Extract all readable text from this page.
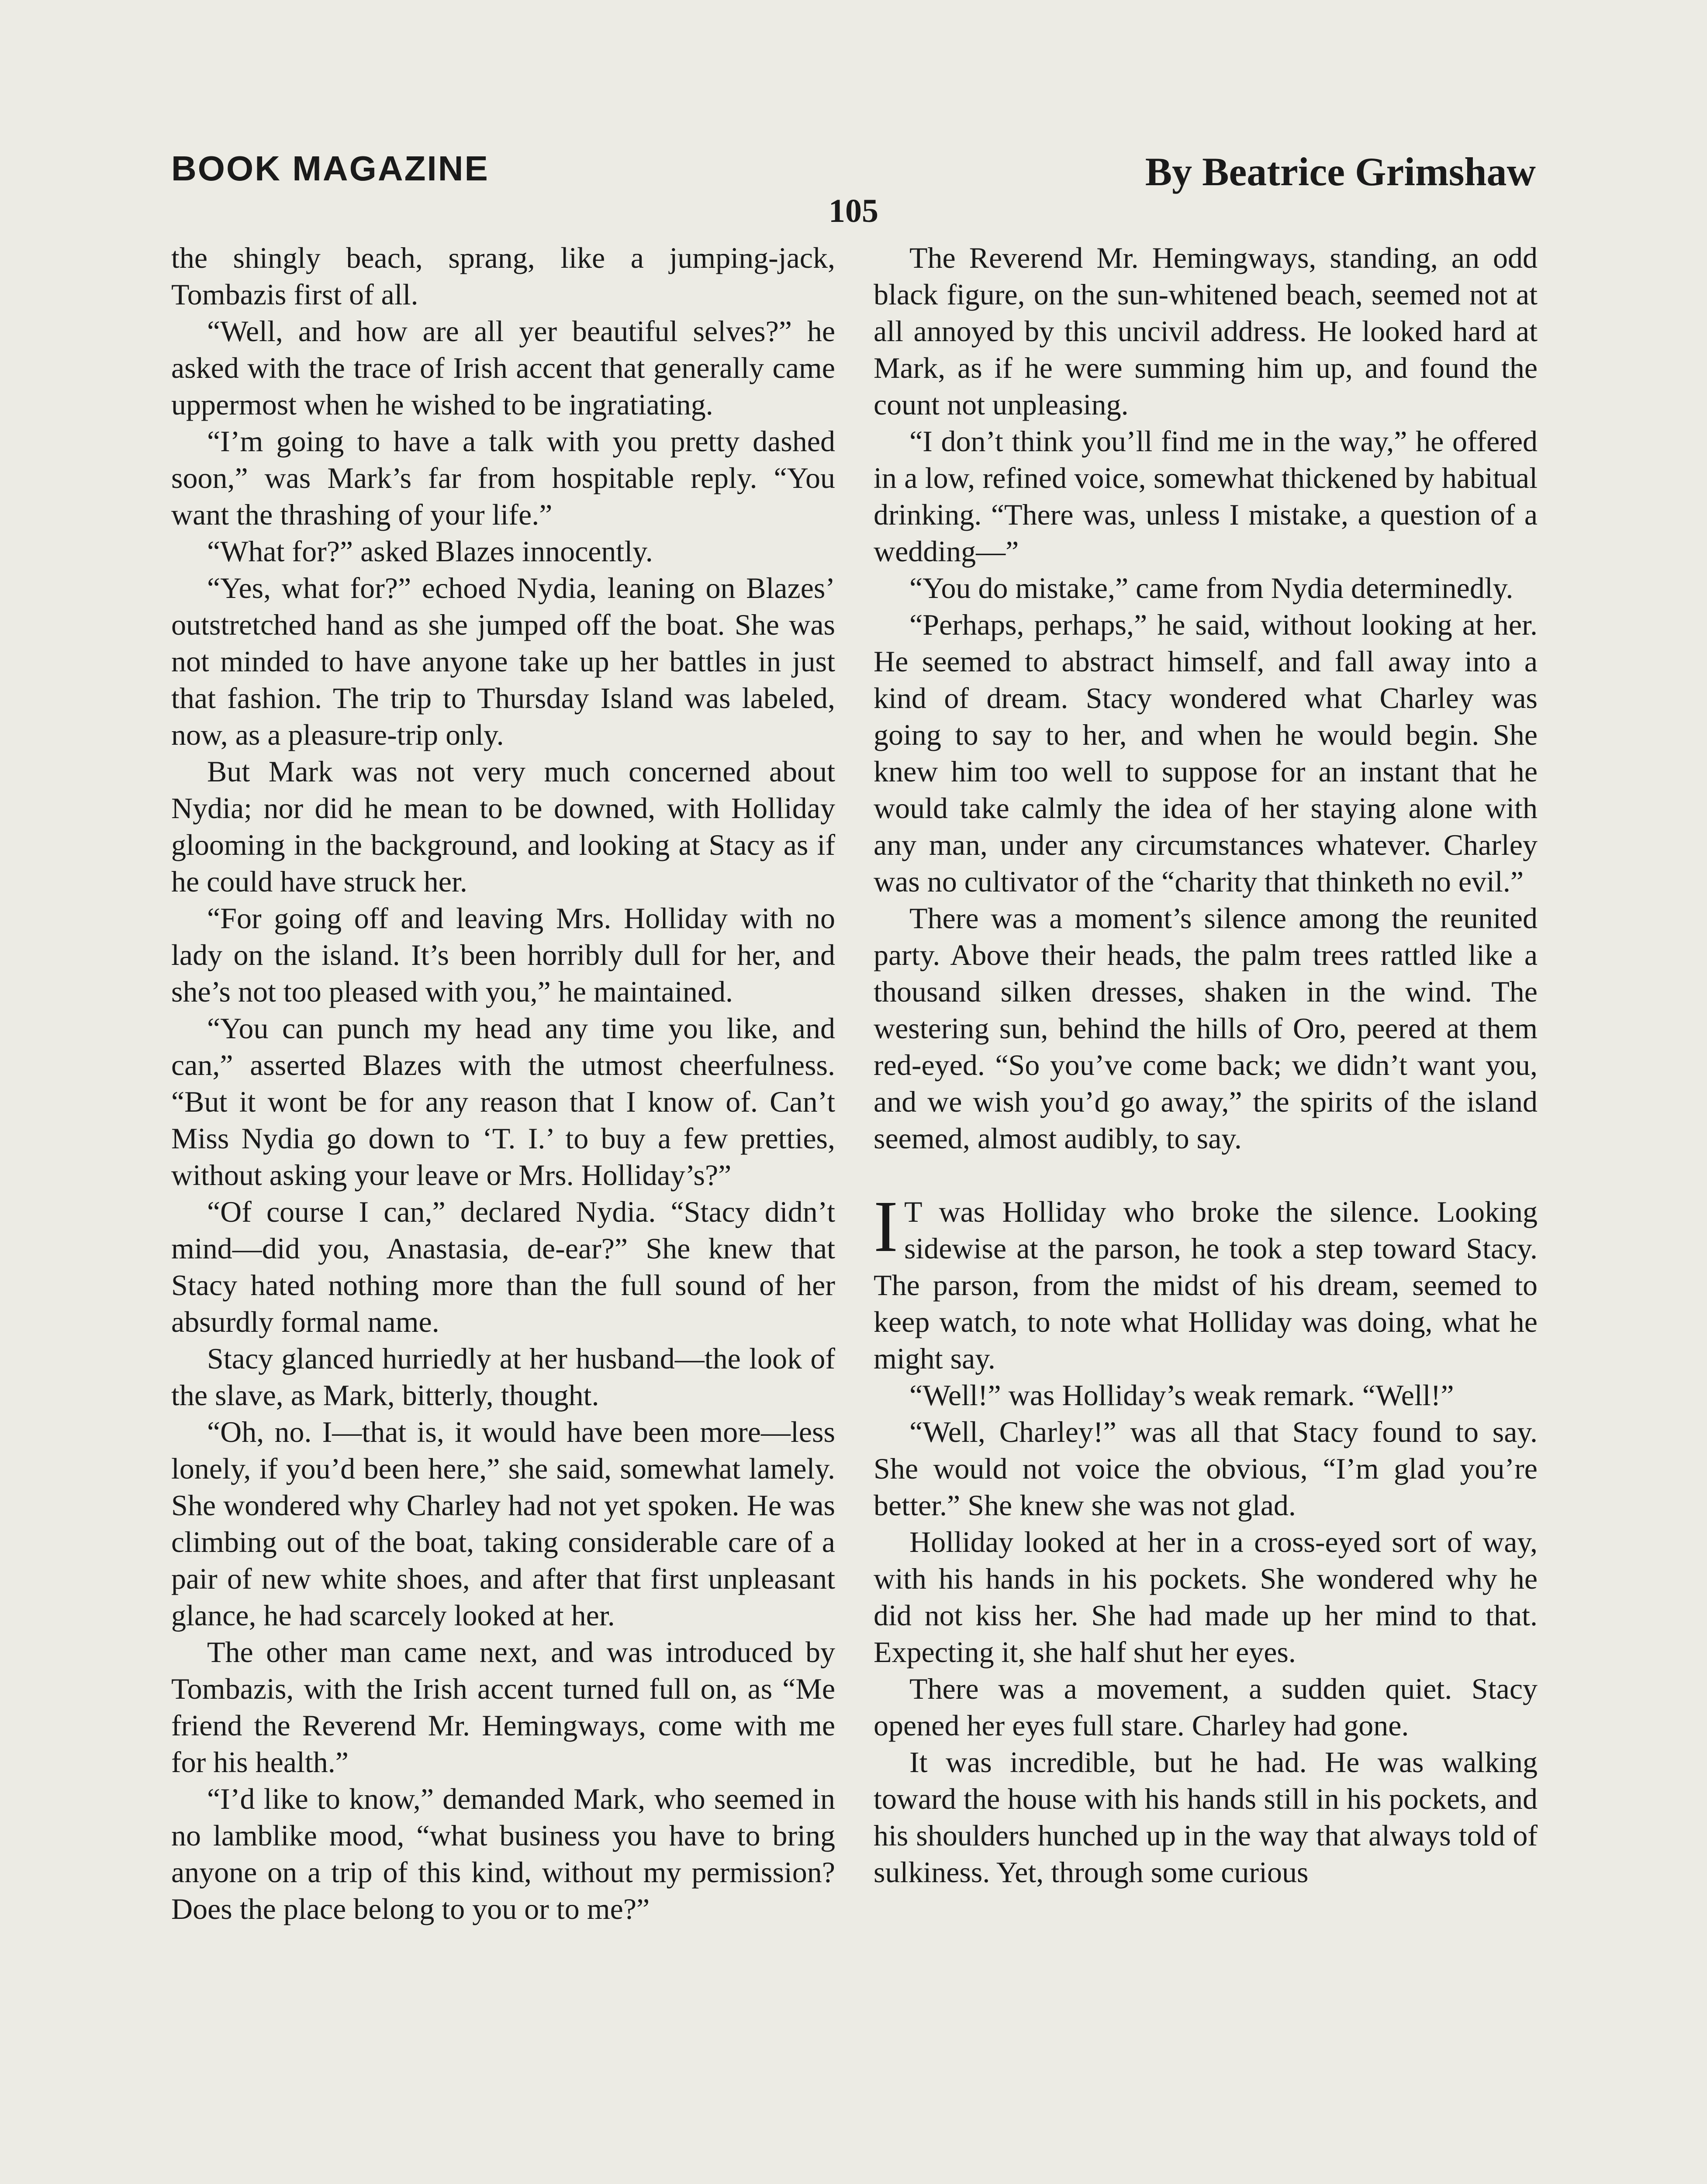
BOOK MAGAZINE	By Beatrice Grimshaw
105

the shingly beach, sprang, like a jumping-jack, Tombazis first of all.

“Well, and how are all yer beautiful selves?” he asked with the trace of Irish accent that generally came uppermost when he wished to be ingratiating.

“I’m going to have a talk with you pretty dashed soon,” was Mark’s far from hospitable reply. “You want the thrashing of your life.”

“What for?” asked Blazes innocently.

“Yes, what for?” echoed Nydia, leaning on Blazes’ outstretched hand as she jumped off the boat. She was not minded to have anyone take up her battles in just that fashion. The trip to Thursday Island was labeled, now, as a pleasure-trip only.

But Mark was not very much concerned about Nydia; nor did he mean to be downed, with Holliday glooming in the background, and looking at Stacy as if he could have struck her.

“For going off and leaving Mrs. Holliday with no lady on the island. It’s been horribly dull for her, and she’s not too pleased with you,” he maintained.

“You can punch my head any time you like, and can,” asserted Blazes with the utmost cheerfulness. “But it wont be for any reason that I know of. Can’t Miss Nydia go down to ‘T. I.’ to buy a few pretties, without asking your leave or Mrs. Holliday’s?”

“Of course I can,” declared Nydia. “Stacy didn’t mind—did you, Anastasia, de-ear?” She knew that Stacy hated nothing more than the full sound of her absurdly formal name.

Stacy glanced hurriedly at her husband—the look of the slave, as Mark, bitterly, thought.

“Oh, no. I—that is, it would have been more—less lonely, if you’d been here,” she said, somewhat lamely. She wondered why Charley had not yet spoken. He was climbing out of the boat, taking considerable care of a pair of new white shoes, and after that first unpleasant glance, he had scarcely looked at her.

The other man came next, and was introduced by Tombazis, with the Irish accent turned full on, as “Me friend the Reverend Mr. Hemingways, come with me for his health.”

“I’d like to know,” demanded Mark, who seemed in no lamblike mood, “what business you have to bring anyone on a trip of this kind, without my permission? Does the place belong to you or to me?”

The Reverend Mr. Hemingways, standing, an odd black figure, on the sun-whitened beach, seemed not at all annoyed by this uncivil address. He looked hard at Mark, as if he were summing him up, and found the count not unpleasing.

“I don’t think you’ll find me in the way,” he offered in a low, refined voice, somewhat thickened by habitual drinking. “There was, unless I mistake, a question of a wedding—”

“You do mistake,” came from Nydia determinedly.

“Perhaps, perhaps,” he said, without looking at her. He seemed to abstract himself, and fall away into a kind of dream. Stacy wondered what Charley was going to say to her, and when he would begin. She knew him too well to suppose for an instant that he would take calmly the idea of her staying alone with any man, under any circumstances whatever. Charley was no cultivator of the “charity that thinketh no evil.”

There was a moment’s silence among the reunited party. Above their heads, the palm trees rattled like a thousand silken dresses, shaken in the wind. The westering sun, behind the hills of Oro, peered at them red-eyed. “So you’ve come back; we didn’t want you, and we wish you’d go away,” the spirits of the island seemed, almost audibly, to say.

I T was Holliday who broke the silence. Looking sidewise at the parson, he took a step toward Stacy. The parson, from the midst of his dream, seemed to keep watch, to note what Holliday was doing, what he might say.

“Well!” was Holliday’s weak remark. “Well!”

“Well, Charley!” was all that Stacy found to say. She would not voice the obvious, “I’m glad you’re better.” She knew she was not glad.

Holliday looked at her in a cross-eyed sort of way, with his hands in his pockets. She wondered why he did not kiss her. She had made up her mind to that. Expecting it, she half shut her eyes.

There was a movement, a sudden quiet. Stacy opened her eyes full stare. Charley had gone.

It was incredible, but he had. He was walking toward the house with his hands still in his pockets, and his shoulders hunched up in the way that always told of sulkiness. Yet, through some curious
